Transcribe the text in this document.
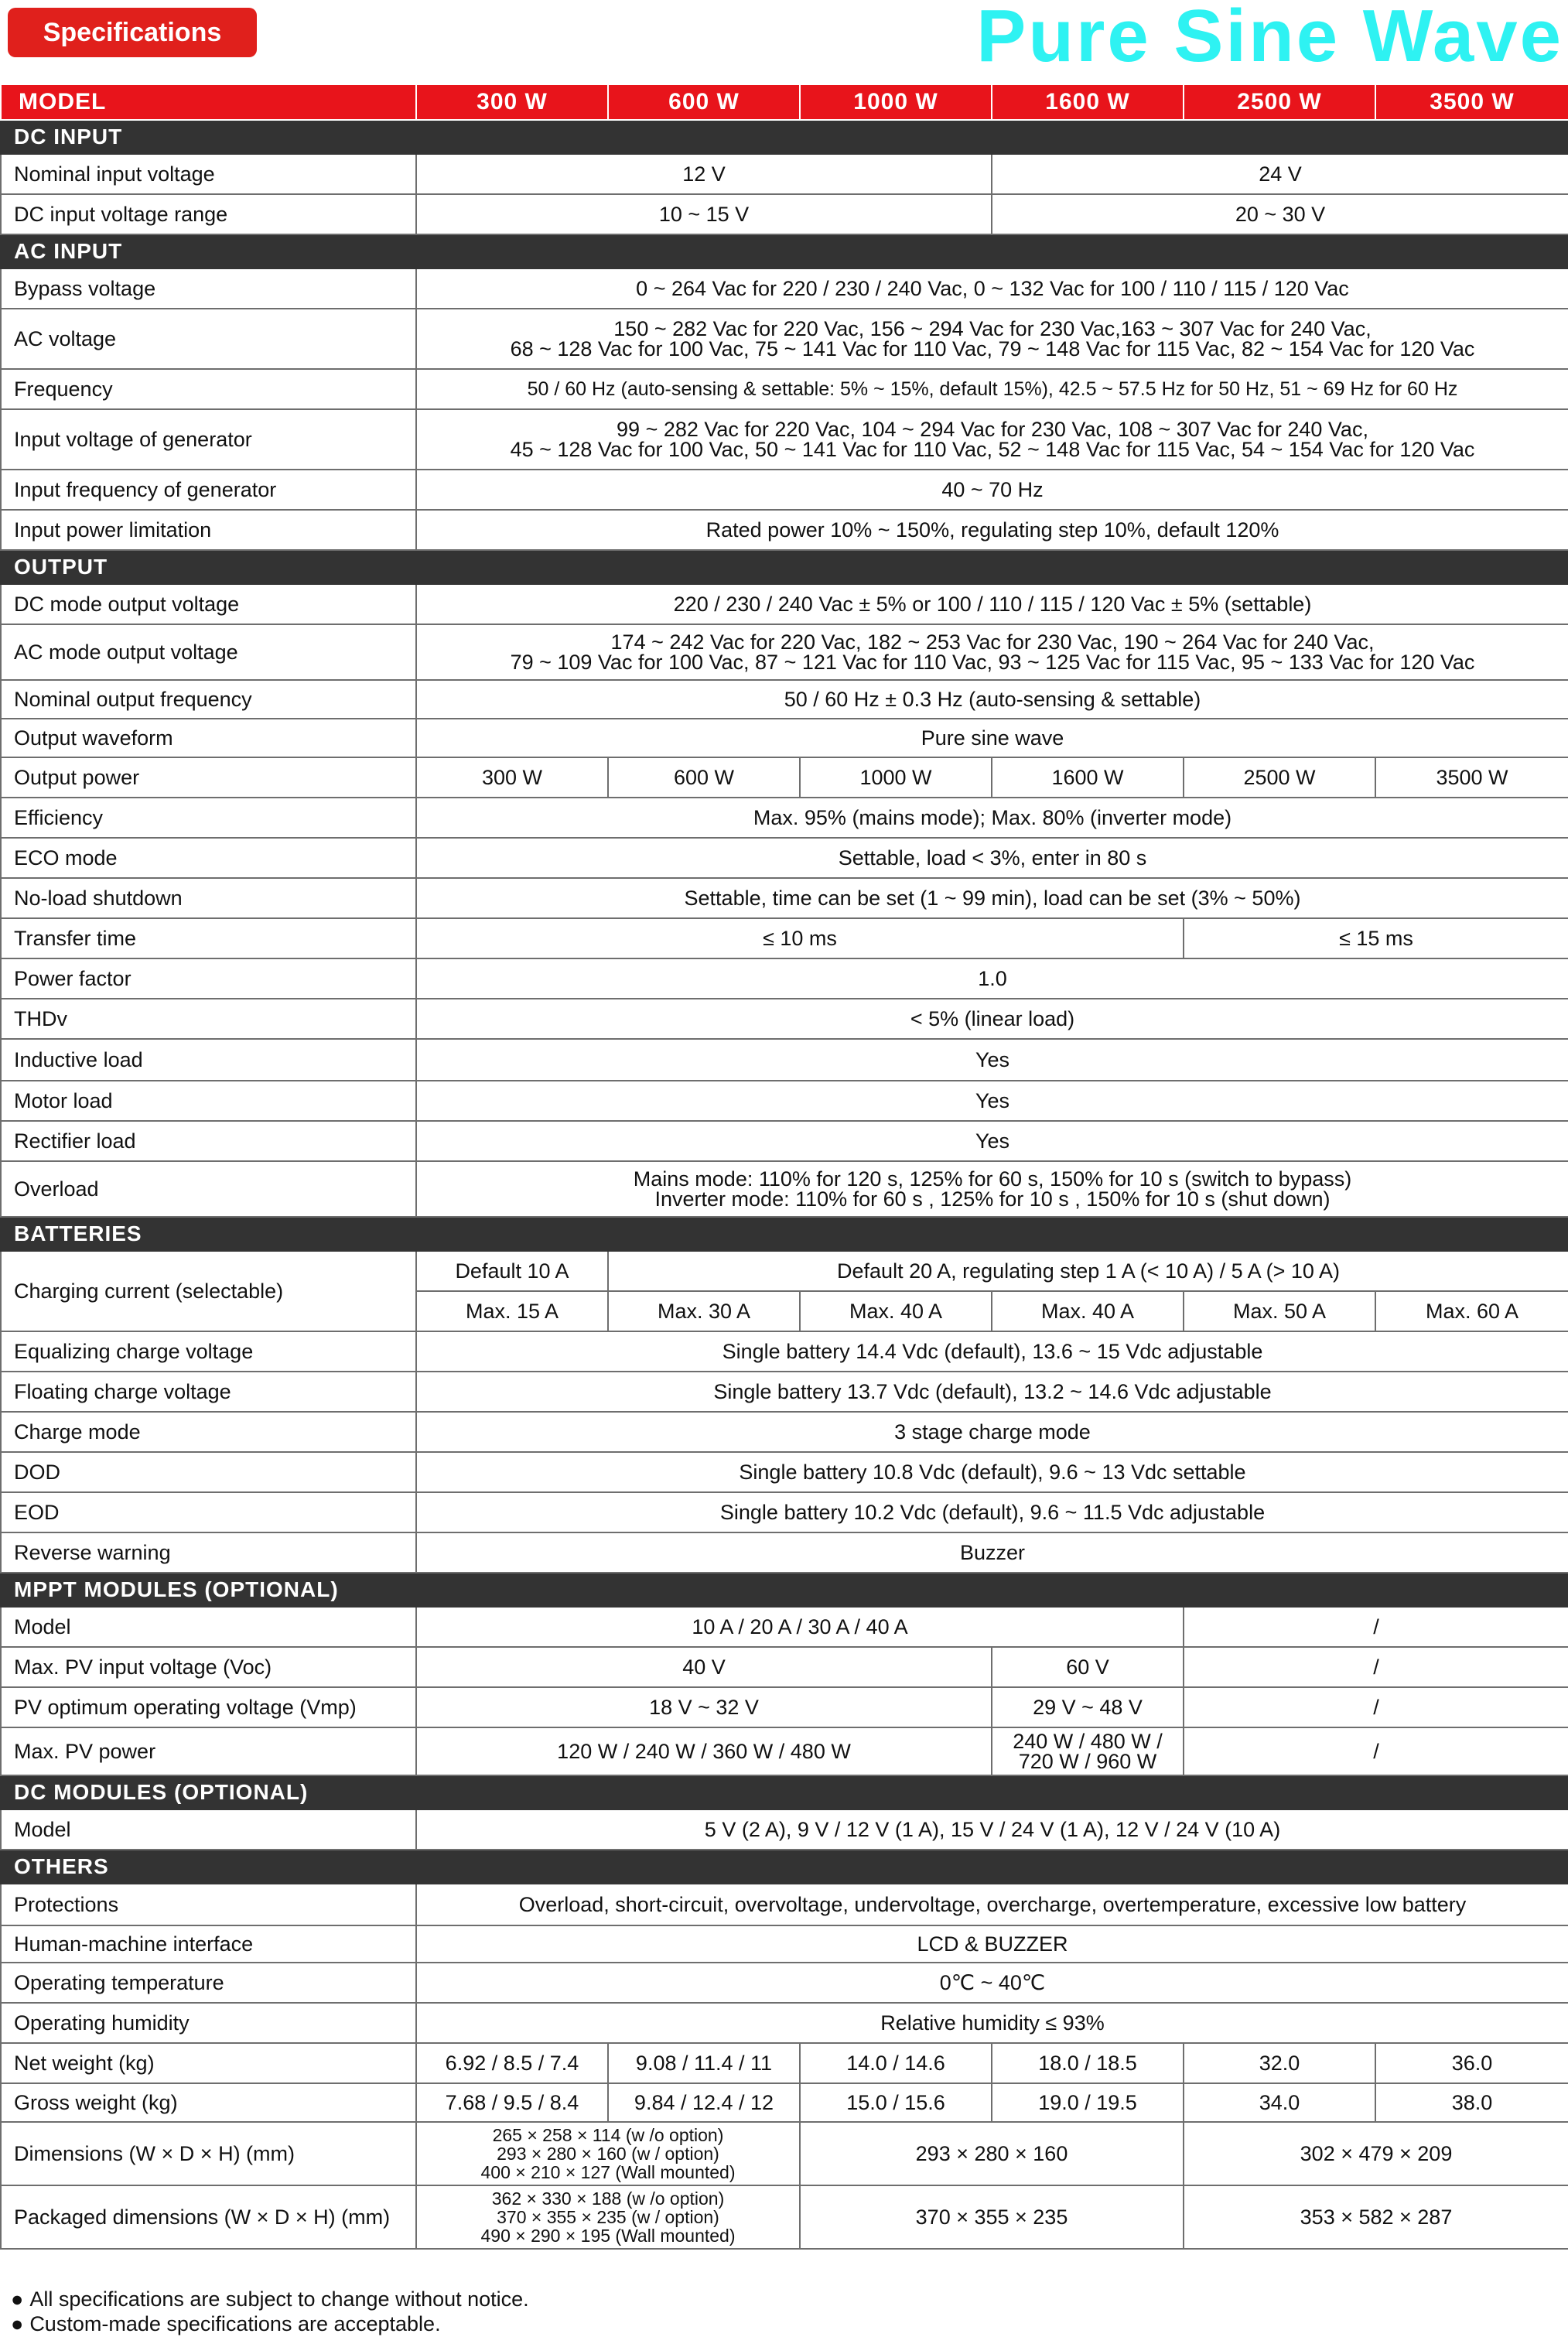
Specifications	Pure Sine Wave
MODEL	300 W	600 W	1000 W	1600 W	2500 W	3500 W
DC INPUT						
Nominal input voltage	12 V			24 V		
DC input voltage range	10 ~ 15 V			20 ~ 30 V		
AC INPUT						
Bypass voltage	0 ~ 264 Vac for 220 / 230 / 240 Vac, 0 ~ 132 Vac for 100 / 110 / 115 / 120 Vac					
AC voltage	150 ~ 282 Vac for 220 Vac, 156 ~ 294 Vac for 230 Vac,163 ~ 307 Vac for 240 Vac,
68 ~ 128 Vac for 100 Vac, 75 ~ 141 Vac for 110 Vac, 79 ~ 148 Vac for 115 Vac, 82 ~ 154 Vac for 120 Vac					

Frequency	50 / 60 Hz (auto-sensing & settable: 5% ~ 15%, default 15%), 42.5 ~ 57.5 Hz for 50 Hz, 51 ~ 69 Hz for 60 Hz					
Input voltage of generator	99 ~ 282 Vac for 220 Vac, 104 ~ 294 Vac for 230 Vac, 108 ~ 307 Vac for 240 Vac,
45 ~ 128 Vac for 100 Vac, 50 ~ 141 Vac for 110 Vac, 52 ~ 148 Vac for 115 Vac, 54 ~ 154 Vac for 120 Vac					

Input frequency of generator	40 ~ 70 Hz					
Input power limitation	Rated power 10% ~ 150%, regulating step 10%, default 120%					
OUTPUT						
DC mode output voltage	220 / 230 / 240 Vac ± 5% or 100 / 110 / 115 / 120 Vac ± 5% (settable)					
AC mode output voltage	174 ~ 242 Vac for 220 Vac, 182 ~ 253 Vac for 230 Vac, 190 ~ 264 Vac for 240 Vac,
79 ~ 109 Vac for 100 Vac, 87 ~ 121 Vac for 110 Vac, 93 ~ 125 Vac for 115 Vac, 95 ~ 133 Vac for 120 Vac					

Nominal output frequency	50 / 60 Hz ± 0.3 Hz (auto-sensing & settable)					
Output waveform	Pure sine wave					
Output power	300 W	600 W	1000 W	1600 W	2500 W	3500 W
Efficiency	Max. 95% (mains mode); Max. 80% (inverter mode)					
ECO mode	Settable, load < 3%, enter in 80 s					
No-load shutdown	Settable, time can be set (1 ~ 99 min), load can be set (3% ~ 50%)					
Transfer time	≤ 10 ms				≤ 15 ms	
Power factor	1.0					
THDv	< 5% (linear load)					
Inductive load	Yes					
Motor load	Yes					
Rectifier load	Yes					
Overload	Mains mode: 110% for 120 s, 125% for 60 s, 150% for 10 s (switch to bypass)
Inverter mode: 110% for 60 s , 125% for 10 s , 150% for 10 s (shut down)					

BATTERIES						
Charging current (selectable)	Default 10 A	Default 20 A, regulating step 1 A (< 10 A) / 5 A (> 10 A)				
	Max. 15 A	Max. 30 A	Max. 40 A	Max. 40 A	Max. 50 A	Max. 60 A
Equalizing charge voltage	Single battery 14.4 Vdc (default), 13.6 ~ 15 Vdc adjustable					
Floating charge voltage	Single battery 13.7 Vdc (default), 13.2 ~ 14.6 Vdc adjustable					
Charge mode	3 stage charge mode					
DOD	Single battery 10.8 Vdc (default), 9.6 ~ 13 Vdc settable					
EOD	Single battery 10.2 Vdc (default), 9.6 ~ 11.5 Vdc adjustable					
Reverse warning	Buzzer					
MPPT MODULES (OPTIONAL)						
Model	10 A / 20 A / 30 A / 40 A				/	
Max. PV input voltage (Voc)	40 V			60 V	/	
PV optimum operating voltage (Vmp)	18 V ~ 32 V			29 V ~ 48 V	/	
Max. PV power	120 W / 240 W / 360 W / 480 W			240 W / 480 W /
720 W / 960 W	/	
DC MODULES (OPTIONAL)						
Model	5 V (2 A), 9 V / 12 V (1 A), 15 V / 24 V (1 A), 12 V / 24 V (10 A)					
OTHERS						
Protections	Overload, short-circuit, overvoltage, undervoltage, overcharge, overtemperature, excessive low battery					
Human-machine interface	LCD & BUZZER					
Operating temperature	0℃ ~ 40℃					
Operating humidity	Relative humidity ≤ 93%					
Net weight (kg)	6.92 / 8.5 / 7.4	9.08 / 11.4 / 11	14.0 / 14.6	18.0 / 18.5	32.0	36.0
Gross weight (kg)	7.68 / 9.5 / 8.4	9.84 / 12.4 / 12	15.0 / 15.6	19.0 / 19.5	34.0	38.0
Dimensions (W × D × H) (mm)	265 × 258 × 114 (w /o option)
293 × 280 × 160 (w / option)
400 × 210 × 127 (Wall mounted)		293 × 280 × 160		302 × 479 × 209	
Packaged dimensions (W × D × H) (mm)	362 × 330 × 188 (w /o option)
370 × 355 × 235 (w / option)
490 × 290 × 195 (Wall mounted)		370 × 355 × 235		353 × 582 × 287	
● All specifications are subject to change without notice.
● Custom-made specifications are acceptable.
